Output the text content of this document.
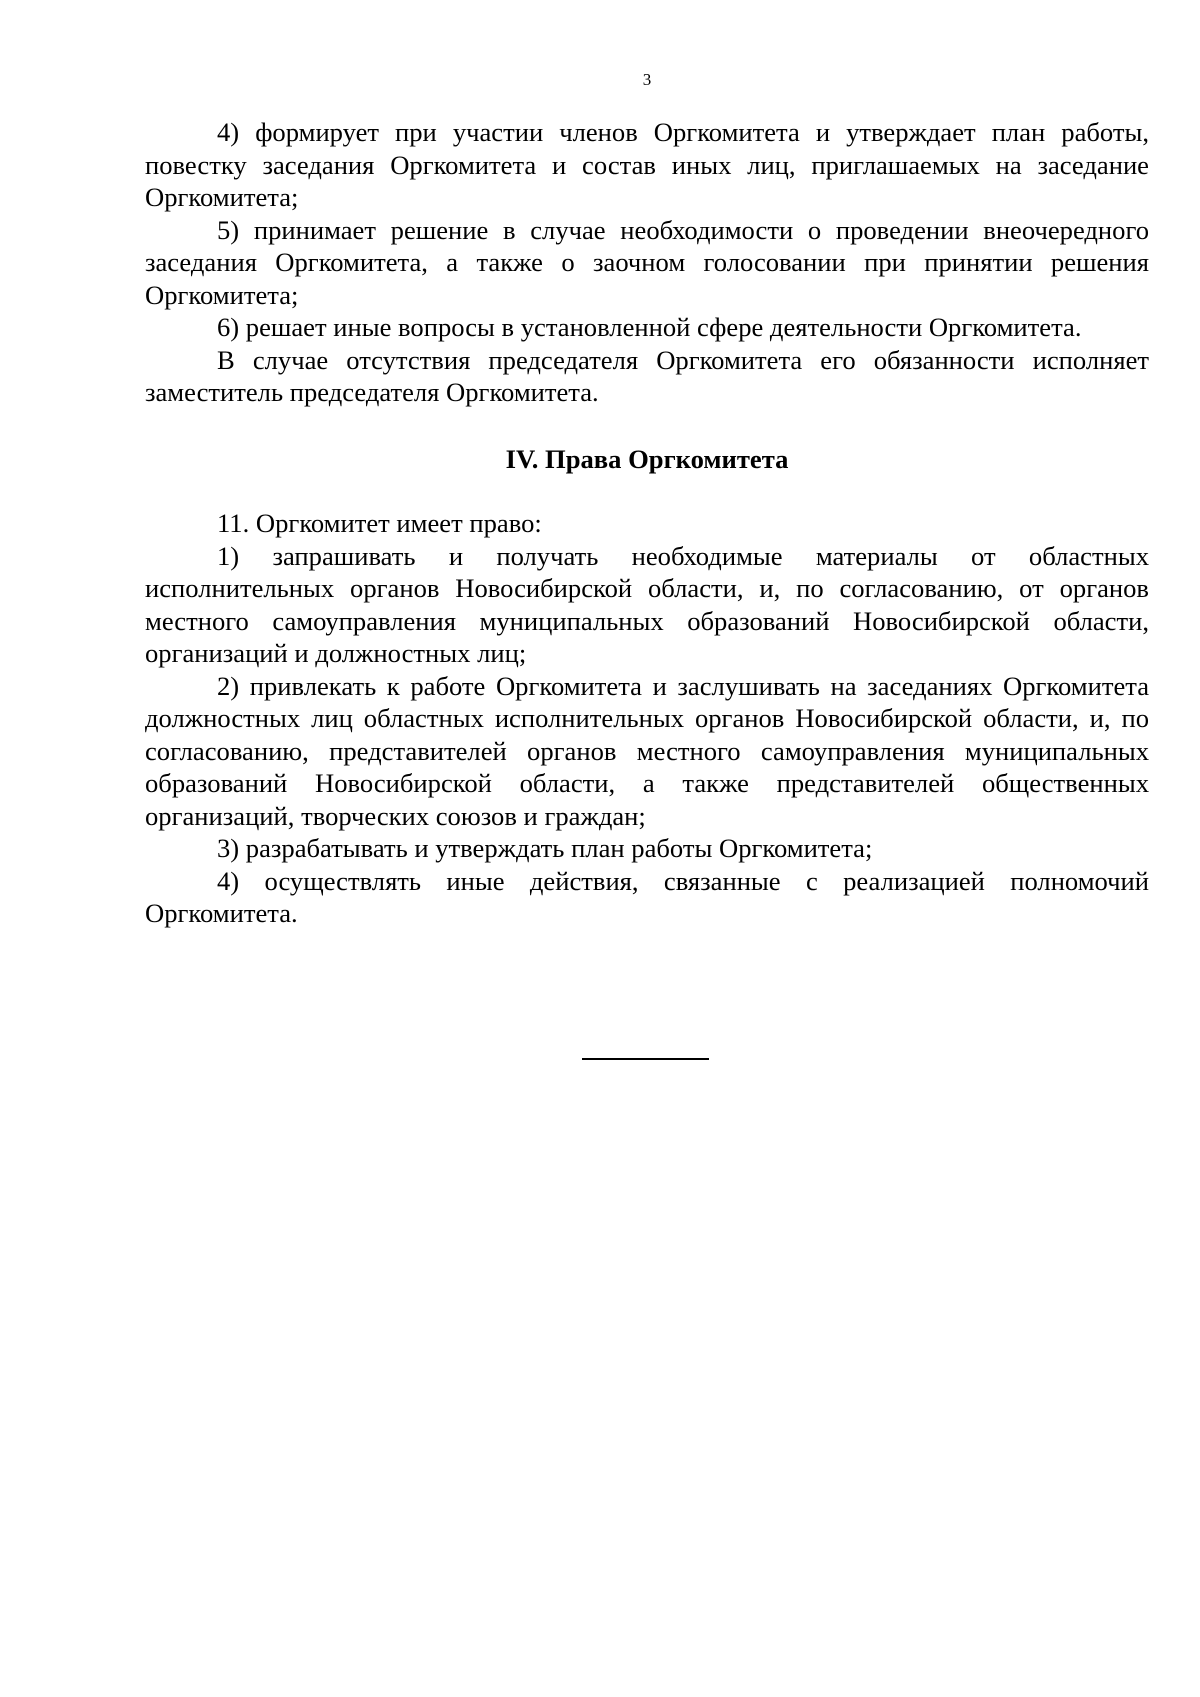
3

4) формирует при участии членов Оргкомитета и утверждает план работы, повестку заседания Оргкомитета и состав иных лиц, приглашаемых на заседание Оргкомитета;

5) принимает решение в случае необходимости о проведении внеочередного заседания Оргкомитета, а также о заочном голосовании при принятии решения Оргкомитета;

6) решает иные вопросы в установленной сфере деятельности Оргкомитета.

В случае отсутствия председателя Оргкомитета его обязанности исполняет заместитель председателя Оргкомитета.

IV. Права Оргкомитета

11. Оргкомитет имеет право:

1) запрашивать и получать необходимые материалы от областных исполнительных органов Новосибирской области, и, по согласованию, от органов местного самоуправления муниципальных образований Новосибирской области, организаций и должностных лиц;

2) привлекать к работе Оргкомитета и заслушивать на заседаниях Оргкомитета должностных лиц областных исполнительных органов Новосибирской области, и, по согласованию, представителей органов местного самоуправления муниципальных образований Новосибирской области, а также представителей общественных организаций, творческих союзов и граждан;

3) разрабатывать и утверждать план работы Оргкомитета;

4) осуществлять иные действия, связанные с реализацией полномочий Оргкомитета.
